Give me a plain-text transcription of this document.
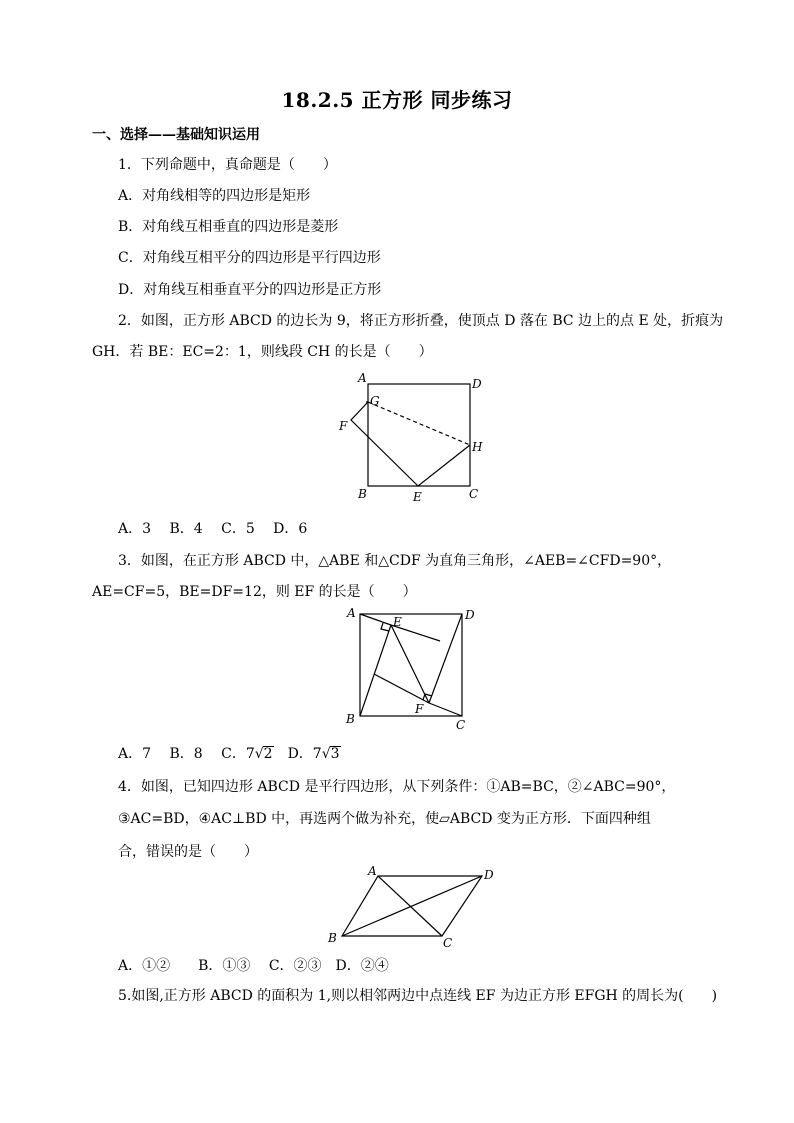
18.2.5 正方形 同步练习
一、选择——基础知识运用
1．下列命题中，真命题是（　　）
A．对角线相等的四边形是矩形
B．对角线互相垂直的四边形是菱形
C．对角线互相平分的四边形是平行四边形
D．对角线互相垂直平分的四边形是正方形
2．如图，正方形 ABCD 的边长为 9，将正方形折叠，使顶点 D 落在 BC 边上的点 E 处，折痕为
GH．若 BE：EC=2：1，则线段 CH 的长是（　　）
A	D
G
F
H
B	E	C
A．3　 B．4　 C．5　 D．6
3．如图，在正方形 ABCD 中，△ABE 和△CDF 为直角三角形，∠AEB=∠CFD=90°，
AE=CF=5，BE=DF=12，则 EF 的长是（　　）
A
E	D
B
F
C
A．7　 B．8　 C．7√2　D．7√3
4．如图，已知四边形 ABCD 是平行四边形，从下列条件：①AB=BC，②∠ABC=90°，
③AC=BD，④AC⊥BD 中，再选两个做为补充，使▱ABCD 变为正方形．下面四种组
合，错误的是（　　）
A	D
B	C
A．①②　　B．①③　 C．②③　D．②④
5.如图,正方形 ABCD 的面积为 1,则以相邻两边中点连线 EF 为边正方形 EFGH 的周长为(　　)
